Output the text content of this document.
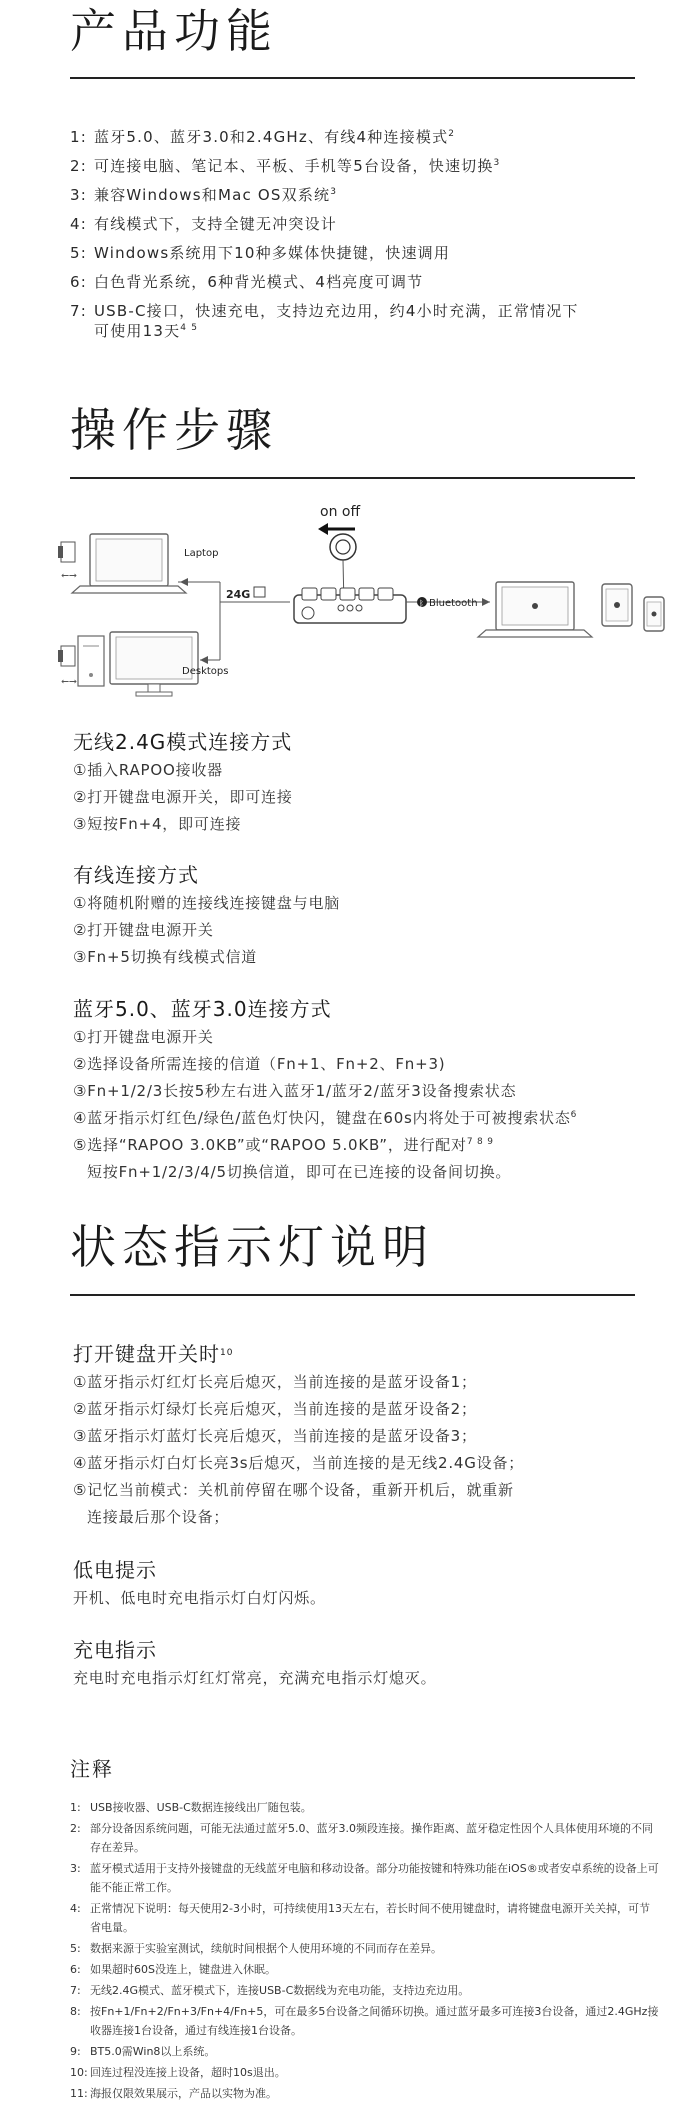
产品功能
1: 蓝牙5.0、蓝牙3.0和2.4GHz、有线4种连接模式$^2$
2: 可连接电脑、笔记本、平板、手机等5台设备，快速切换$^3$
3: 兼容Windows和Mac OS双系统$^3$
4: 有线模式下，支持全键无冲突设计
5: Windows系统用下10种多媒体快捷键，快速调用
6: 白色背光系统，6种背光模式、4档亮度可调节
7: USB-C接口，快速充电，支持边充边用，约4小时充满，正常情况下
可使用13天$^{4 5}$
操作步骤
on off
⭠⭢
Laptop
⭠⭢
Desktops
24G
ᛒ Bluetooth
无线2.4G模式连接方式

①插入RAPOO接收器

②打开键盘电源开关，即可连接

③短按Fn+4，即可连接

有线连接方式

①将随机附赠的连接线连接键盘与电脑

②打开键盘电源开关

③Fn+5切换有线模式信道

蓝牙5.0、蓝牙3.0连接方式

①打开键盘电源开关

②选择设备所需连接的信道（Fn+1、Fn+2、Fn+3)

③Fn+1/2/3长按5秒左右进入蓝牙1/蓝牙2/蓝牙3设备搜索状态

④蓝牙指示灯红色/绿色/蓝色灯快闪，键盘在60s内将处于可被搜索状态$^6$

⑤选择“RAPOO 3.0KB”或“RAPOO 5.0KB”，进行配对$^{7 8 9}$

短按Fn+1/2/3/4/5切换信道，即可在已连接的设备间切换。

状态指示灯说明
打开键盘开关时$^{10}$

①蓝牙指示灯红灯长亮后熄灭，当前连接的是蓝牙设备1；

②蓝牙指示灯绿灯长亮后熄灭，当前连接的是蓝牙设备2；

③蓝牙指示灯蓝灯长亮后熄灭，当前连接的是蓝牙设备3；

④蓝牙指示灯白灯长亮3s后熄灭，当前连接的是无线2.4G设备；

⑤记忆当前模式：关机前停留在哪个设备，重新开机后，就重新

连接最后那个设备；

低电提示

开机、低电时充电指示灯白灯闪烁。

充电指示

充电时充电指示灯红灯常亮，充满充电指示灯熄灭。

注释
1: USB接收器、USB-C数据连接线出厂随包装。
2: 部分设备因系统问题，可能无法通过蓝牙5.0、蓝牙3.0频段连接。操作距离、蓝牙稳定性因个人具体使用环境的不同存在差异。
3: 蓝牙模式适用于支持外接键盘的无线蓝牙电脑和移动设备。部分功能按键和特殊功能在iOS®或者安卓系统的设备上可能不能正常工作。
4: 正常情况下说明：每天使用2-3小时，可持续使用13天左右，若长时间不使用键盘时，请将键盘电源开关关掉，可节省电量。
5: 数据来源于实验室测试，续航时间根据个人使用环境的不同而存在差异。
6: 如果超时60S没连上，键盘进入休眠。
7: 无线2.4G模式、蓝牙模式下，连接USB-C数据线为充电功能，支持边充边用。
8: 按Fn+1/Fn+2/Fn+3/Fn+4/Fn+5，可在最多5台设备之间循环切换。通过蓝牙最多可连接3台设备，通过2.4GHz接收器连接1台设备，通过有线连接1台设备。
9: BT5.0需Win8以上系统。
10: 回连过程没连接上设备，超时10s退出。
11: 海报仅限效果展示，产品以实物为准。
